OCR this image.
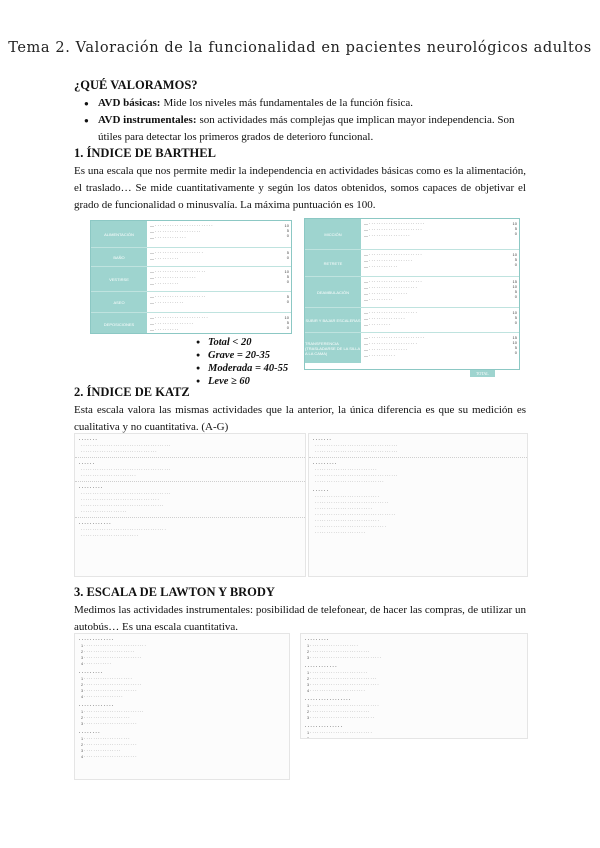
Tema 2. Valoración de la funcionalidad en pacientes neurológicos adultos
¿QUÉ VALORAMOS?
● AVD básicas: Mide los niveles más fundamentales de la función física.
● AVD instrumentales: son actividades más complejas que implican mayor independencia. Son útiles para detectar los primeros grados de deterioro funcional.
1. ÍNDICE DE BARTHEL
Es una escala que nos permite medir la independencia en actividades básicas como es la alimentación, el traslado… Se mide cuantitativamente y según los datos obtenidos, somos capaces de objetivar el grado de funcionalidad o minusvalía. La máxima puntuación es 100.
ALIMENTACIÓN
— · · · · · · · · · · · · · · · · · · · · · · · ·
— · · · · · · · · · · · · · · · · · · ·
— · · · · · · · · · · · · ·
10
5
0
BAÑO
— · · · · · · · · · · · · · · · · · · · ·
— · · · · · · · · · ·
5
0
VESTIRSE
— · · · · · · · · · · · · · · · · · · · · ·
— · · · · · · · · · · · · · · · · ·
— · · · · · · · · · ·
10
5
0
ASEO
— · · · · · · · · · · · · · · · · · · · · ·
— · · · · · · · · · · · ·
5
0
DEPOSICIONES
— · · · · · · · · · · · · · · · · · · · · · ·
— · · · · · · · · · · · · · · · ·
— · · · · · · · · · ·
10
5
0
MICCIÓN
— · · · · · · · · · · · · · · · · · · · · · · ·
— · · · · · · · · · · · · · · · · · · · · · ·
— · · · · · · · · · · · · · · · · ·
10
5
0
RETRETE
— · · · · · · · · · · · · · · · · · · · · · ·
— · · · · · · · · · · · · · · · · · ·
— · · · · · · · · · · · ·
10
5
0
DEAMBULACIÓN
— · · · · · · · · · · · · · · · · · · · · · ·
— · · · · · · · · · · · · · · · · · · · ·
— · · · · · · · · · · · · · · · ·
— · · · · · · · · · ·
15
10
5
0
SUBIR Y BAJAR ESCALERAS
— · · · · · · · · · · · · · · · · · · · ·
— · · · · · · · · · · · · · · ·
— · · · · · · · · ·
10
5
0
TRANSFERENCIA (TRASLADARSE DE LA SILLA A LA CAMA)
— · · · · · · · · · · · · · · · · · · · · · · ·
— · · · · · · · · · · · · · · · · · · · ·
— · · · · · · · · · · · · · · · ·
— · · · · · · · · · · ·
15
10
5
0
TOTAL
● Total < 20
● Grave = 20-35
● Moderada = 40-55
● Leve ≥ 60
2. ÍNDICE DE KATZ
Esta escala valora las mismas actividades que la anterior, la única diferencia es que su medición es cualitativa y no cuantitativa. (A-G)
· · · · · · ·
· · · · · · · · · · · · · · · · · · · · · · · · · · · · · · · · · · · · · · ·
· · · · · · · · · · · · · · · · · · · · · · · · · · · · · · · · ·
· · · · · ·
· · · · · · · · · · · · · · · · · · · · · · · · · · · · · · · · · · · · · · ·
· · · · · · · · · · · · · · · · · · · · · · · ·
· · · · · · · · ·
· · · · · · · · · · · · · · · · · · · · · · · · · · · · · · · · · · · · · · ·
· · · · · · · · · · · · · · · · · · · · · · · · · · · · · · · · · ·
· · · · · · · · · · · · · · · · · · · · · · · · · · · · · · · · · · · ·
· · · · · · · · · · · · · · · · · · · ·
· · · · · · · · · · · ·
· · · · · · · · · · · · · · · · · · · · · · · · · · · · · · · · · · · · ·
· · · · · · · · · · · · · · · · · · · · · · · · ·
· · · · · · ·
· · · · · · · · · · · · · · · · · · · · · · · · · · · · · · · · · · · ·
· · · · · · · · · · · · · · · · · · · · · · · · · · · · · · · · · · · ·
· · · · · · · · ·
· · · · · · · · · · · · · · · · · · · · · · · · · · ·
· · · · · · · · · · · · · · · · · · · · · · · · · · · · · · · · · · · ·
· · · · · · · · · · · · · · · · · · · · · · · · · · · · · ·
· · · · · ·
· · · · · · · · · · · · · · · · · · · · · · · · · · · ·
· · · · · · · · · · · · · · · · · · · · · · · · · · · · · · · ·
· · · · · · · · · · · · · · · · · · · · · · · · ·
· · · · · · · · · · · · · · · · · · · · · · · · · · · · · · · · · · ·
· · · · · · · · · · · · · · · · · · · · · · · · · · · ·
· · · · · · · · · · · · · · · · · · · · · · · · · · · · · · ·
· · · · · · · · · · · · · · · · · · · · · ·
3. ESCALA DE LAWTON Y BRODY
Medimos las actividades instrumentales: posibilidad de telefonear, de hacer las compras, de utilizar un autobús… Es una escala cuantitativa.
· · · · · · · · · · · · ·
1 · · · · · · · · · · · · · · · · · · · · · · · · · · ·
2 · · · · · · · · · · · · · · · · · · · · · ·
3 · · · · · · · · · · · · · · · · · · · · · · · · ·
4 · · · · · · · · · · · ·
· · · · · · · · ·
1 · · · · · · · · · · · · · · · · · · · · ·
2 · · · · · · · · · · · · · · · · · · · · · · · · ·
3 · · · · · · · · · · · · · · · · · · · · · · ·
4 · · · · · · · · · · · · · · · · ·
· · · · · · · · · · · · ·
1 · · · · · · · · · · · · · · · · · · · · · · · · · ·
2 · · · · · · · · · · · · · · · · · · · ·
3 · · · · · · · · · · · · · · · · · · · · · · ·
· · · · · · · ·
1 · · · · · · · · · · · · · · · · · · · ·
2 · · · · · · · · · · · · · · · · · · · · · · ·
3 · · · · · · · · · · · · · · · ·
4 · · · · · · · · · · · · · · · · · · · · · · ·
· · · · · · · · ·
1 · · · · · · · · · · · · · · · · · · · · ·
2 · · · · · · · · · · · · · · · · · · · · · · · · · ·
3 · · · · · · · · · · · · · · · · · · · · · · · · · · · · · · ·
· · · · · · · · · · · ·
1 · · · · · · · · · · · · · · · · · · · · · · · · ·
2 · · · · · · · · · · · · · · · · · · · · · · · · · · · · ·
3 · · · · · · · · · · · · · · · · · · · · · · · · · · · · · ·
4 · · · · · · · · · · · · · · · · · · · · · · · ·
· · · · · · · · · · · · · · · · ·
1 · · · · · · · · · · · · · · · · · · · · · · · · · · · · · ·
2 · · · · · · · · · · · · · · · · · · · · · · · · · ·
3 · · · · · · · · · · · · · · · · · · · · · · · · · · · ·
· · · · · · · · · · · · · ·
1 · · · · · · · · · · · · · · · · · · · · · · · · · · ·
2 · · · · · · · · · · · · · · · · · · · · · · · · · · · · · ·
